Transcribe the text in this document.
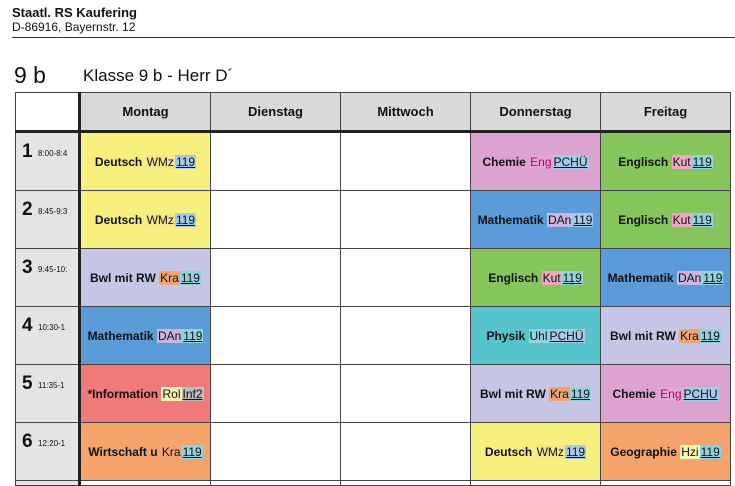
Staatl. RS Kaufering
D-86916, Bayernstr. 12
9 b Klasse 9 b - Herr D´
	Montag	Dienstag	Mittwoch	Donnerstag	Freitag

1 8:00-8:4	Deutsch WMz 119			Chemie Eng PCHÜ	Englisch Kut 119

2 8:45-9:3	Deutsch WMz 119			Mathematik DAn 119	Englisch Kut 119

3 9:45-10:	Bwl mit RW Kra 119			Englisch Kut 119	Mathematik DAn 119

4 10:30-1	Mathematik DAn 119			Physik Uhl PCHÜ	Bwl mit RW Kra 119

5 11:35-1	*Information Rol Inf2			Bwl mit RW Kra 119	Chemie Eng PCHU

6 12:20-1	Wirtschaft u Kra 119			Deutsch WMz 119	Geographie Hzi 119
